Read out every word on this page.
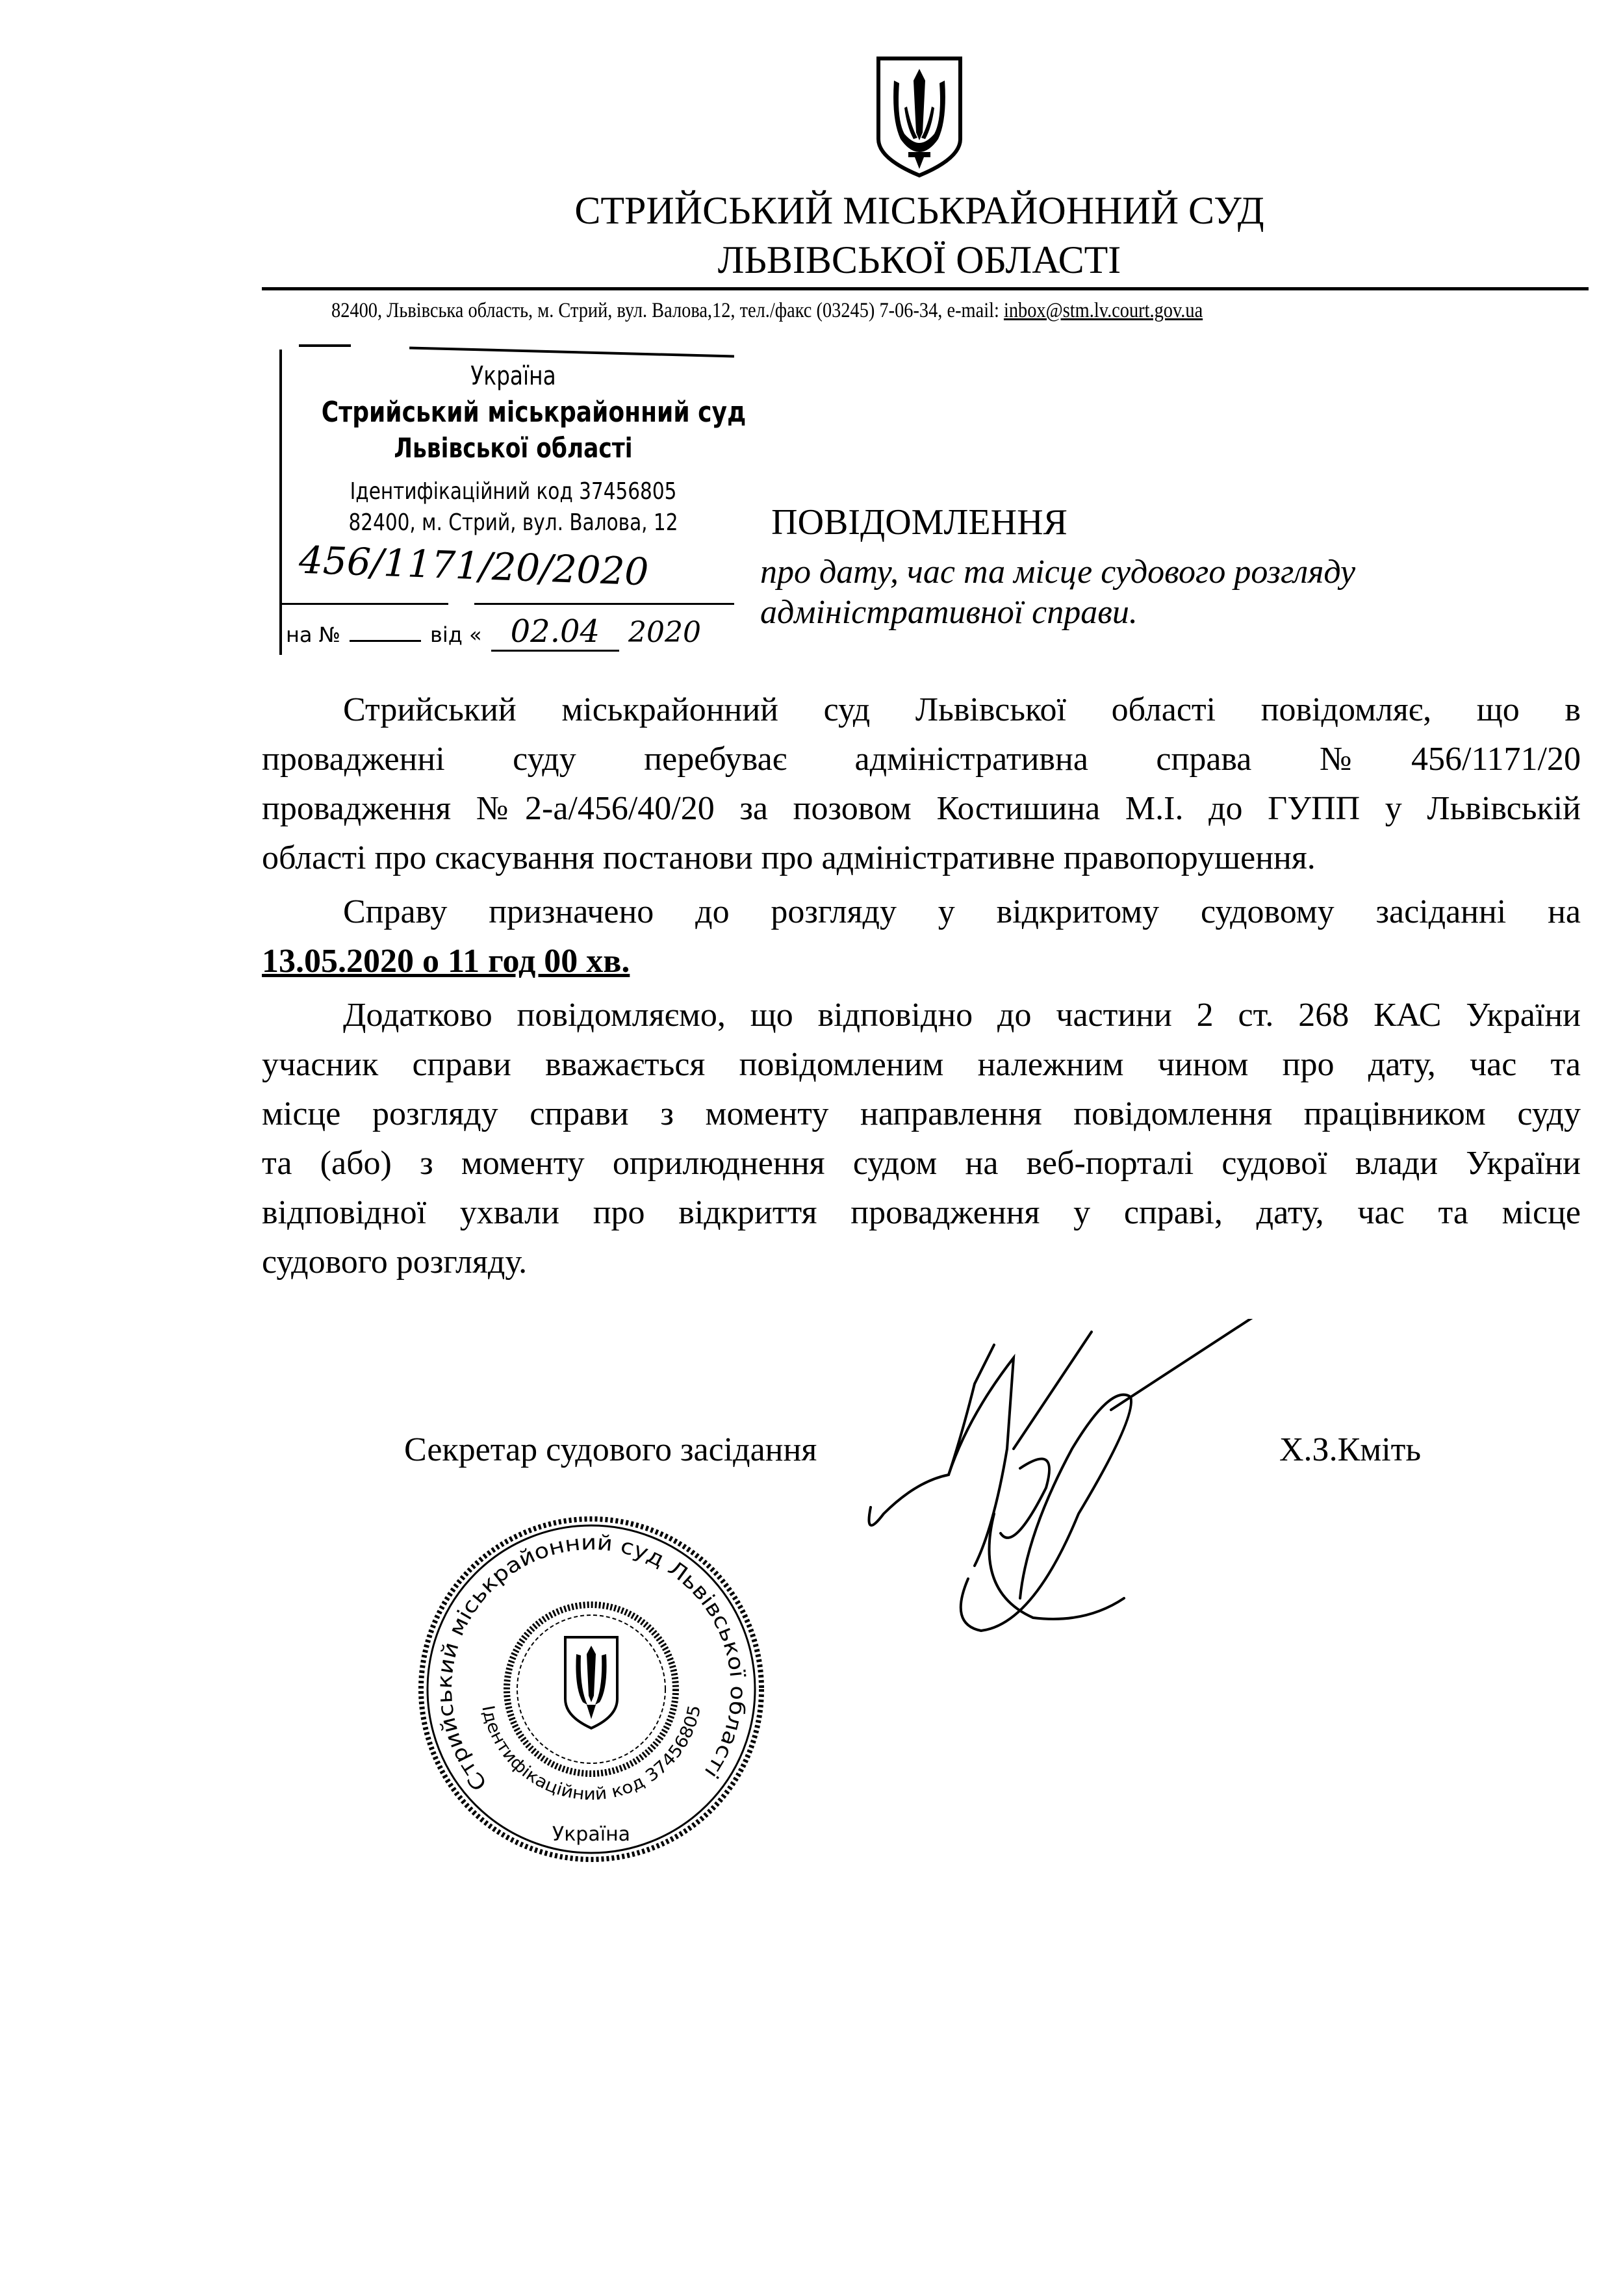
СТРИЙСЬКИЙ МІСЬКРАЙОННИЙ СУД
ЛЬВІВСЬКОЇ ОБЛАСТІ
82400, Львівська область, м. Стрий, вул. Валова,12, тел./факс (03245) 7-06-34, e-mail: inbox@stm.lv.court.gov.ua
Україна
Стрийський міськрайонний суд
Львівської області
Ідентифікаційний код 37456805
82400, м. Стрий, вул. Валова, 12
456/1171/20/2020
на №	від « 02.04	2020
ПОВІДОМЛЕННЯ
про дату, час та місце судового розгляду адміністративної справи.
Стрийський міськрайонний суд Львівської області повідомляє, що в
провадженні суду перебуває адміністративна справа №456/1171/20
провадження №2-а/456/40/20 за позовом Костишина М.І. до ГУПП у Львівській
області про скасування постанови про адміністративне правопорушення.
Справу призначено до розгляду у відкритому судовому засіданні на
13.05.2020 о 11 год 00 хв.
Додатково повідомляємо, що відповідно до частини 2 ст. 268 КАС України
учасник справи вважається повідомленим належним чином про дату, час та
місце розгляду справи з моменту направлення повідомлення працівником суду
та (або) з моменту оприлюднення судом на веб-порталі судової влади України
відповідної ухвали про відкриття провадження у справі, дату, час та місце
судового розгляду.
Секретар судового засідання	Х.З.Кміть
Стрийський міськрайонний суд Львівської області
Ідентифікаційний код 37456805
Україна
